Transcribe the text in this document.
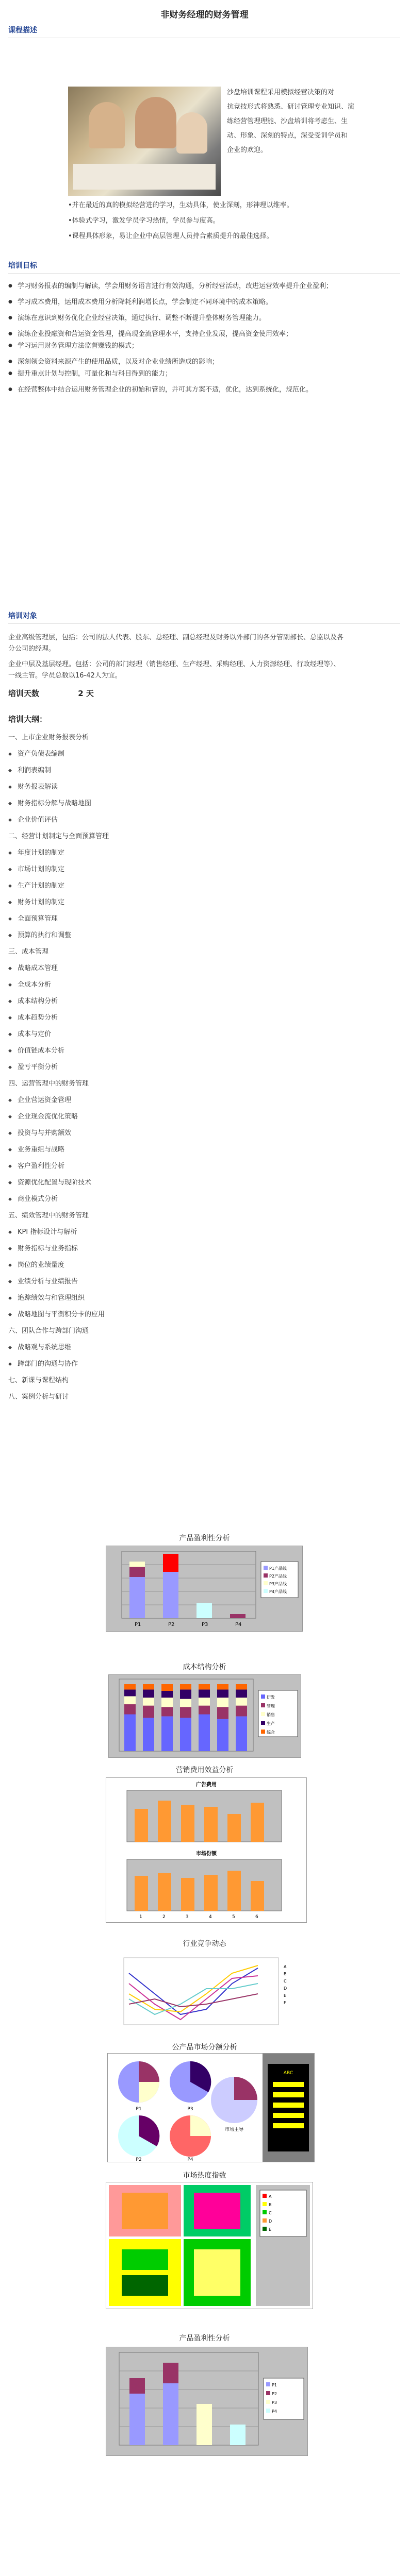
非财务经理的财务管理
课程描述
沙盘培训课程采用模拟经营决策的对
抗竞技形式将熟悉、研讨管理专业知识、演
练经营管理理能、沙盘培训将考虑生、生
动、形象、深刻的特点，深受受训学员和
企业的欢迎。
•并在最近的真的模拟经营进的学习，生动具体，使业深刻，形神理以维率。
•体验式学习，激发学员学习热情，学员参与度高。
•课程具体形象，易让企业中高层管理人员持合素质提升的最佳选择。
培训目标
● 学习财务报表的编制与解读，学会用财务语言进行有效沟通，分析经营活动，改进运营效率提升企业盈利；
● 学习成本费用，运用成本费用分析降耗利润增长点，学会制定不同环境中的成本策略。
● 演练在意识到财务优化企业经营决策，通过执行、调整不断提升整体财务管理能力。
● 演练企业投融资和营运资金管理，提高现金流管理水平，支持企业发展，提高资金使用效率；
● 学习运用财务管理方法监督赚钱的模式；
● 深刻领会资料来源产生的使用品质，以及对企业业绩所造成的影响；
● 提升重点计划与控制，可量化和与科目得到的能力；
● 在经营整体中结合运用财务管理企业的初始和管的，并可其方案不适，优化，达到系统化，规范化。
培训对象
企业高级管理层，包括：公司的法人代表、股东、总经理、副总经理及财务以外部门的各分管副部长、总监以及各
分公司的经理。
企业中层及基层经理。包括：公司的部门经理（销售经理、生产经理、采购经理、人力资源经理、行政经理等）、
一线主管。学员总数以16-42人为宜。
培训天数	2 天
培训大纲：
一、上市企业财务报表分析
◆ 资产负债表编制
◆ 利润表编制
◆ 财务报表解读
◆ 财务指标分解与战略地图
◆ 企业价值评估
二、经营计划制定与全面预算管理
◆ 年度计划的制定
◆ 市场计划的制定
◆ 生产计划的制定
◆ 财务计划的制定
◆ 全面预算管理
◆ 预算的执行和调整
三、成本管理
◆ 战略成本管理
◆ 全成本分析
◆ 成本结构分析
◆ 成本趋势分析
◆ 成本与定价
◆ 价值链成本分析
◆ 盈亏平衡分析
四、运营管理中的财务管理
◆ 企业营运资金管理
◆ 企业现金流优化策略
◆ 投资与与并购额效
◆ 业务重组与战略
◆ 客户盈利性分析
◆ 资源优化配置与现阶技术
◆ 商业模式分析
五、绩效管理中的财务管理
◆ KPI 指标设计与解析
◆ 财务指标与业务指标
◆ 岗位的业绩量度
◆ 业绩分析与业绩报告
◆ 追踪绩效与和管理组织
◆ 战略地图与平衡积分卡的应用
六、团队合作与跨部门沟通
◆ 战略观与系统思维
◆ 跨部门的沟通与协作
七、新课与课程结构
八、案例分析与研讨
产品盈利性分析
P1	P2	P3	P4
P1产品线
P2产品线
P3产品线
P4产品线
成本结构分析
研发
管理
销售
生产
综合
营销费用效益分析
广告费用
市场份额
1	2	3	4	5	6
行业竞争动态
A
B
C
D
E
F
公产品市场分额分析
P1
P2
P3
P4
市场主导
ABC
市场热度指数
A
B
C
D
E
产品盈利性分析
P1
P2
P3
P4
